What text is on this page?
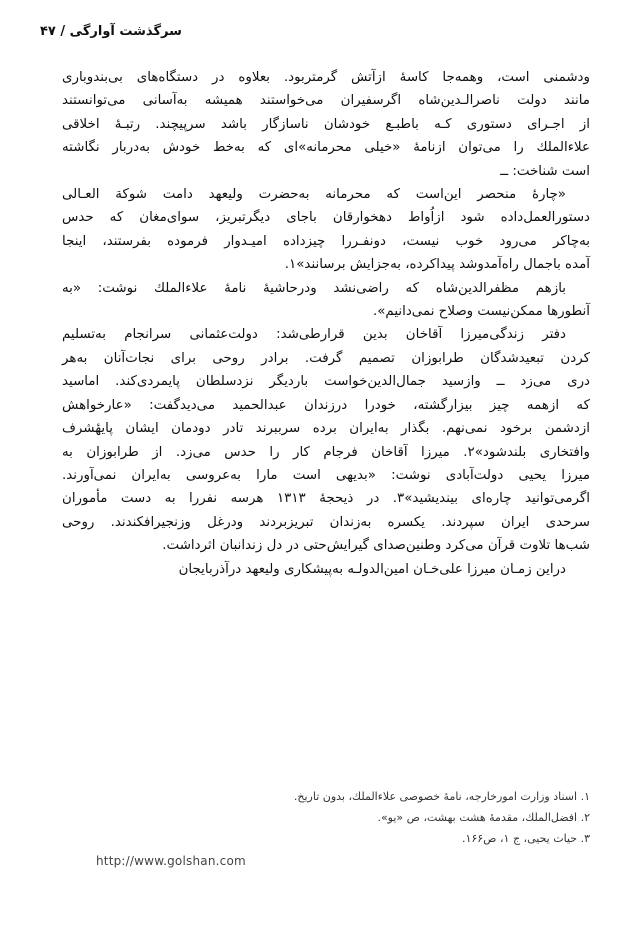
سرگذشت آوارگی / ۴۷

ودشمنی است، وهمه‌جا کاسهٔ ازآتش گرمتربود. بعلاوه در دستگاه‌های بی‌بندوباری
مانند دولت ناصرالـدین‌شاه اگرسفیران می‌خواستند همیشه به‌آسانی می‌توانستند
از اجـرای دستوری کـه باطبـع خودشان ناسازگار باشد سرپیچند. رتبـهٔ اخلاقی
علاءالملك را می‌توان ازنامهٔ «خیلی محرمانه»ای که به‌خط خودش به‌دربار نگاشته
است شناخت: ــ

«چارهٔ منحصر این‌است که محرمانه به‌حضرت ولیعهد دامت شوکة العـالی
دستورالعمل‌داده شود ازاُواط دهخوارقان باجای دیگرتبریز، سوای‌مغان که حدس
به‌چاکر می‌رود خوب نیست، دونفـررا چیزداده امیـدوار فرموده بفرستند، اینجا
آمده باجمال راه‌آمدوشد پیداکرده، به‌جزایش برسانند»۱.

بازهم مظفرالدین‌شاه که راضی‌نشد ودرحاشیهٔ نامهٔ علاءالملك نوشت: «به
آنطورها ممکن‌نیست وصلاح نمی‌دانیم».

دفتر زندگی‌میرزا آقاخان بدین قرارطی‌شد: دولت‌عثمانی سرانجام به‌تسلیم
کردن تبعیدشدگان طرابوزان تصمیم گرفت. برادر روحی برای نجات‌آنان به‌هر
دری می‌زد ــ وازسید جمال‌الدین‌خواست باردیگر نزدسلطان پایمردی‌کند. اماسید
که ازهمه چیز بیزارگشته، خودرا درزندان عبدالحمید می‌دیدگفت: «عارخواهش
ازدشمن برخود نمی‌نهم. بگذار به‌ایران برده سرببرند تادر دودمان ایشان پایهٔشرف
وافتخاری بلندشود»۲. میرزا آقاخان فرجام کار را حدس می‌زد. از طرابوزان به
میرزا یحیی دولت‌آبادی نوشت: «بدیهی است مارا به‌عروسی به‌ایران نمی‌آورند.
اگرمی‌توانید چاره‌ای بیندیشید»۳. در ذیحجهٔ ۱۳۱۳ هرسه نفررا به دست مأموران
سرحدی ایران سپردند. یکسره به‌زندان تبریزبردند ودرغل وزنجیرافکندند. روحی
شب‌ها تلاوت قرآن می‌کرد وطنین‌صدای گیرایش‌حتی در دل زندانبان اثرداشت.

دراین زمـان میرزا علی‌خـان امین‌الدولـه به‌پیشکاری ولیعهد درآذربایجان

۱. اسناد وزارت امورخارجه، نامهٔ خصوصی علاءالملك، بدون تاریخ.
۲. افضل‌الملك، مقدمهٔ هشت بهشت، ص «یو».
۳. حیات یحیی، ج ۱، ص۱۶۶.
http://www.golshan.com
